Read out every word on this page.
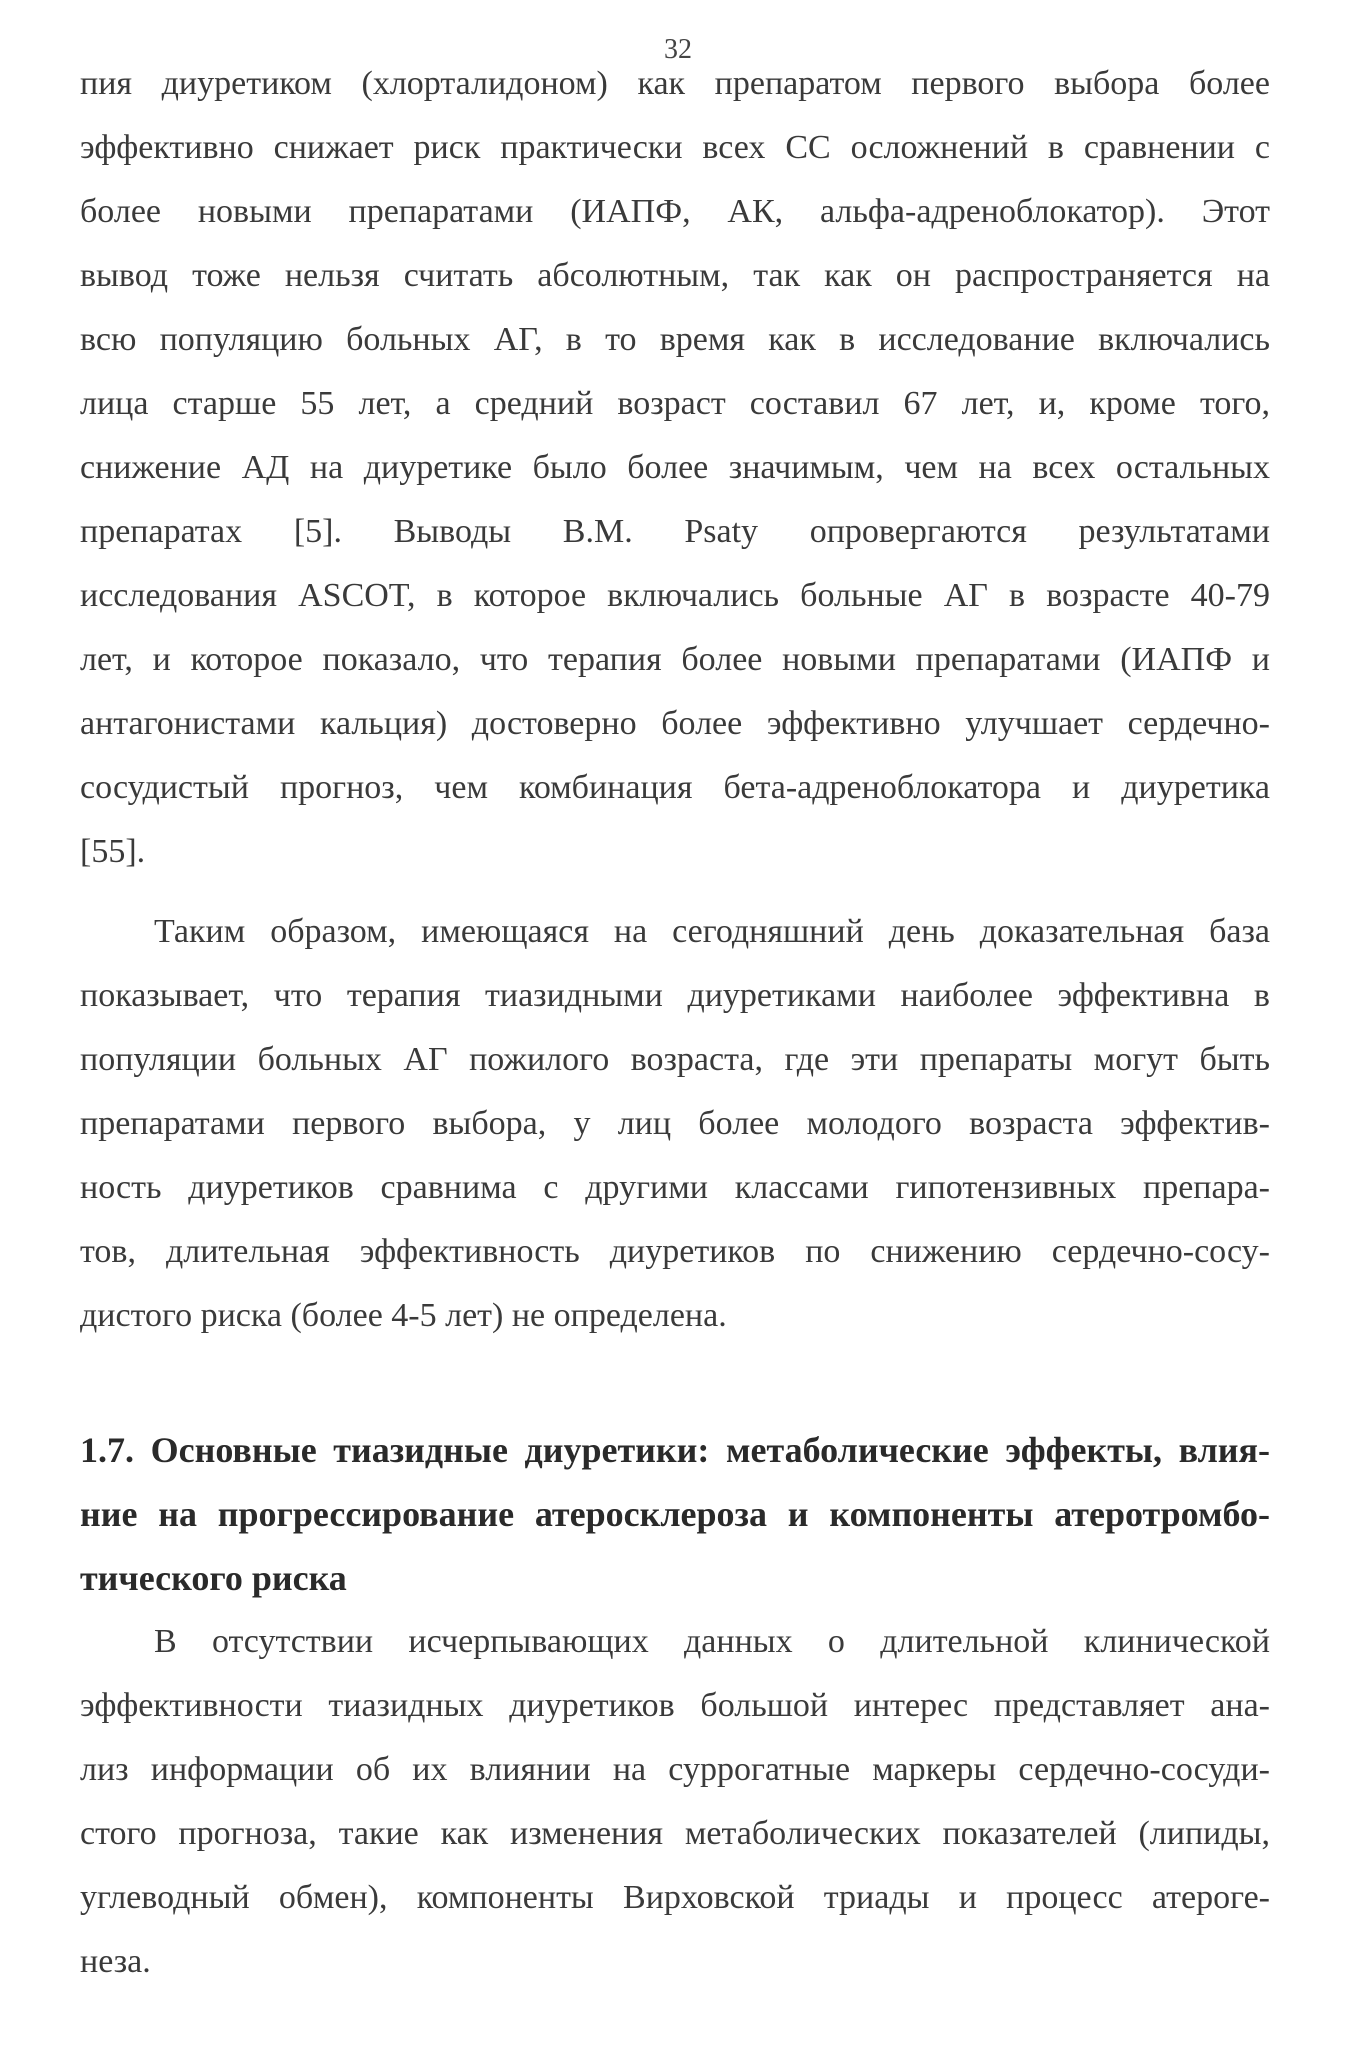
32
пия диуретиком (хлорталидоном) как препаратом первого выбора более
эффективно снижает риск практически всех СС осложнений в сравнении с
более новыми препаратами (ИАПФ, АК, альфа-адреноблокатор). Этот
вывод тоже нельзя считать абсолютным, так как он распространяется на
всю популяцию больных АГ, в то время как в исследование включались
лица старше 55 лет, а средний возраст составил 67 лет, и, кроме того,
снижение АД на диуретике было более значимым, чем на всех остальных
препаратах [5]. Выводы B.M. Psaty опровергаются результатами
исследования ASCOT, в которое включались больные АГ в возрасте 40-79
лет, и которое показало, что терапия более новыми препаратами (ИАПФ и
антагонистами кальция) достоверно более эффективно улучшает сердечно-
сосудистый прогноз, чем комбинация бета-адреноблокатора и диуретика
[55].
Таким образом, имеющаяся на сегодняшний день доказательная база
показывает, что терапия тиазидными диуретиками наиболее эффективна в
популяции больных АГ пожилого возраста, где эти препараты могут быть
препаратами первого выбора, у лиц более молодого возраста эффектив-
ность диуретиков сравнима с другими классами гипотензивных препара-
тов, длительная эффективность диуретиков по снижению сердечно-сосу-
дистого риска (более 4-5 лет) не определена.
1.7. Основные тиазидные диуретики: метаболические эффекты, влия-
ние на прогрессирование атеросклероза и компоненты атеротромбо-
тического риска
В отсутствии исчерпывающих данных о длительной клинической
эффективности тиазидных диуретиков большой интерес представляет ана-
лиз информации об их влиянии на суррогатные маркеры сердечно-сосуди-
стого прогноза, такие как изменения метаболических показателей (липиды,
углеводный обмен), компоненты Вирховской триады и процесс атероге-
неза.
